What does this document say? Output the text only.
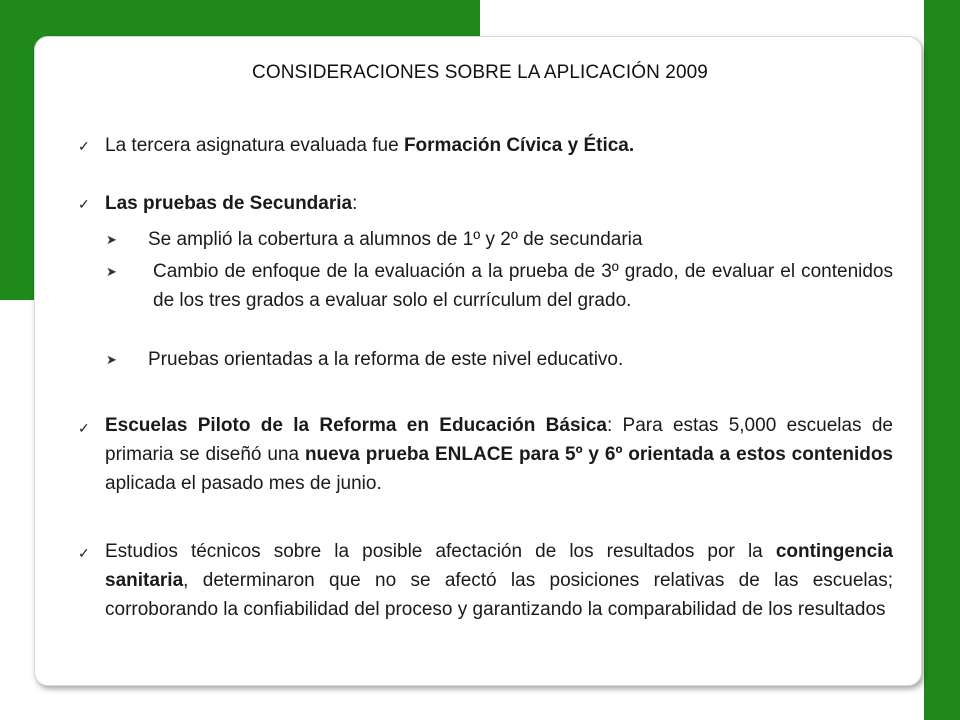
CONSIDERACIONES SOBRE LA APLICACIÓN 2009
✓ La tercera asignatura evaluada fue Formación Cívica y Ética.
✓ Las pruebas de Secundaria:
➤ Se amplió la cobertura a alumnos de 1º y 2º de secundaria
➤ Cambio de enfoque de la evaluación a la prueba de 3º grado, de evaluar el contenidos de los tres grados a evaluar solo el currículum del grado.
➤ Pruebas orientadas a la reforma de este nivel educativo.
✓ Escuelas Piloto de la Reforma en Educación Básica: Para estas 5,000 escuelas de primaria se diseñó una nueva prueba ENLACE para 5º y 6º orientada a estos contenidos aplicada el pasado mes de junio.
✓ Estudios técnicos sobre la posible afectación de los resultados por la contingencia sanitaria, determinaron que no se afectó las posiciones relativas de las escuelas; corroborando la confiabilidad del proceso y garantizando la comparabilidad de los resultados
